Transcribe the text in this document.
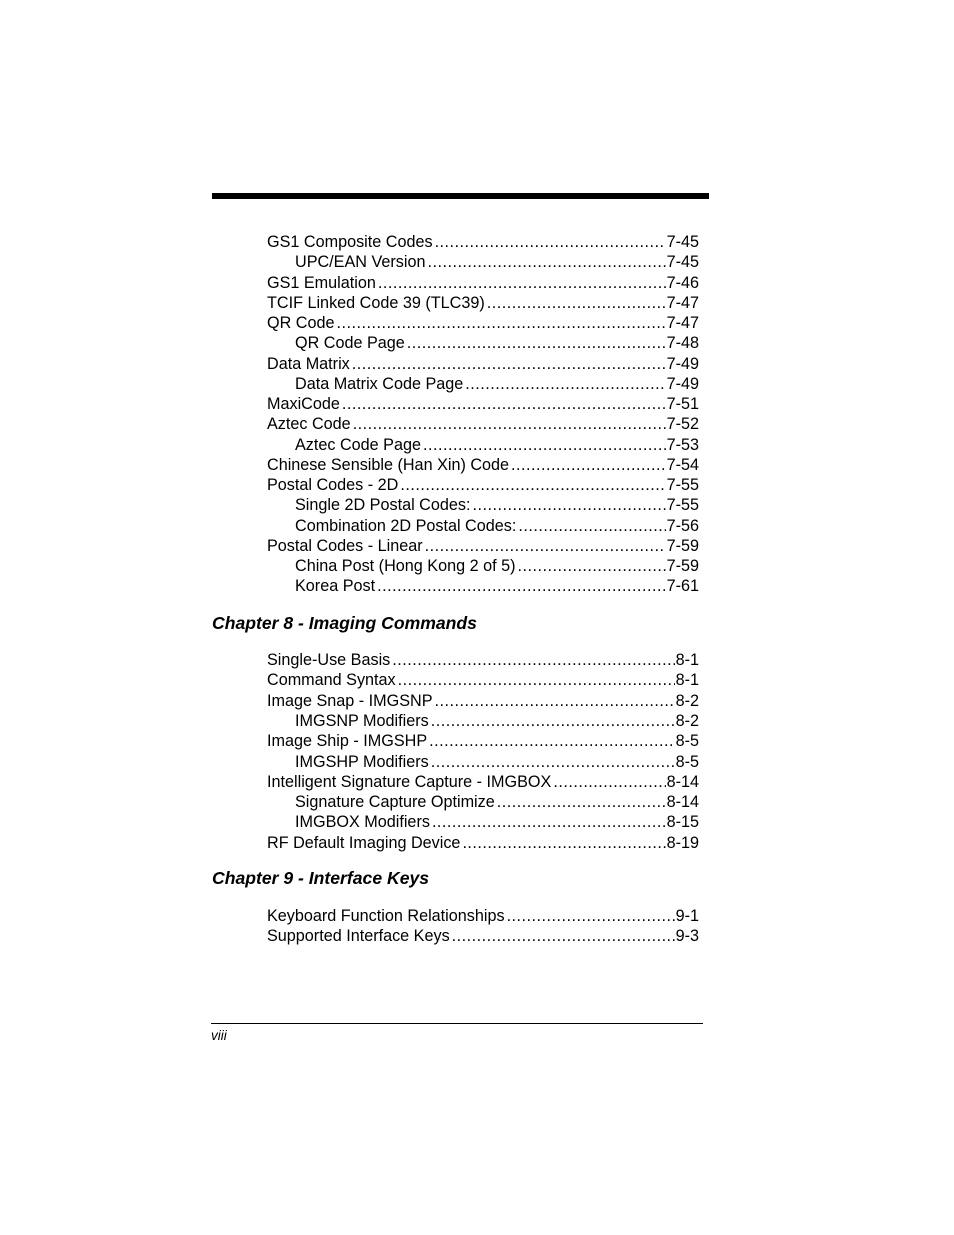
GS1 Composite Codes .....	7-45
UPC/EAN Version .....	7-45
GS1 Emulation .....	7-46
TCIF Linked Code 39 (TLC39) .....	7-47
QR Code .....	7-47
QR Code Page .....	7-48
Data Matrix .....	7-49
Data Matrix Code Page .....	7-49
MaxiCode .....	7-51
Aztec Code .....	7-52
Aztec Code Page .....	7-53
Chinese Sensible (Han Xin) Code .....	7-54
Postal Codes - 2D .....	7-55
Single 2D Postal Codes: .....	7-55
Combination 2D Postal Codes: .....	7-56
Postal Codes - Linear .....	7-59
China Post (Hong Kong 2 of 5) .....	7-59
Korea Post .....	7-61
Chapter 8 - Imaging Commands
Single-Use Basis .....	8-1
Command Syntax .....	8-1
Image Snap - IMGSNP .....	8-2
IMGSNP Modifiers .....	8-2
Image Ship - IMGSHP .....	8-5
IMGSHP Modifiers .....	8-5
Intelligent Signature Capture - IMGBOX .....	8-14
Signature Capture Optimize .....	8-14
IMGBOX Modifiers .....	8-15
RF Default Imaging Device .....	8-19
Chapter 9 - Interface Keys
Keyboard Function Relationships .....	9-1
Supported Interface Keys .....	9-3
viii
